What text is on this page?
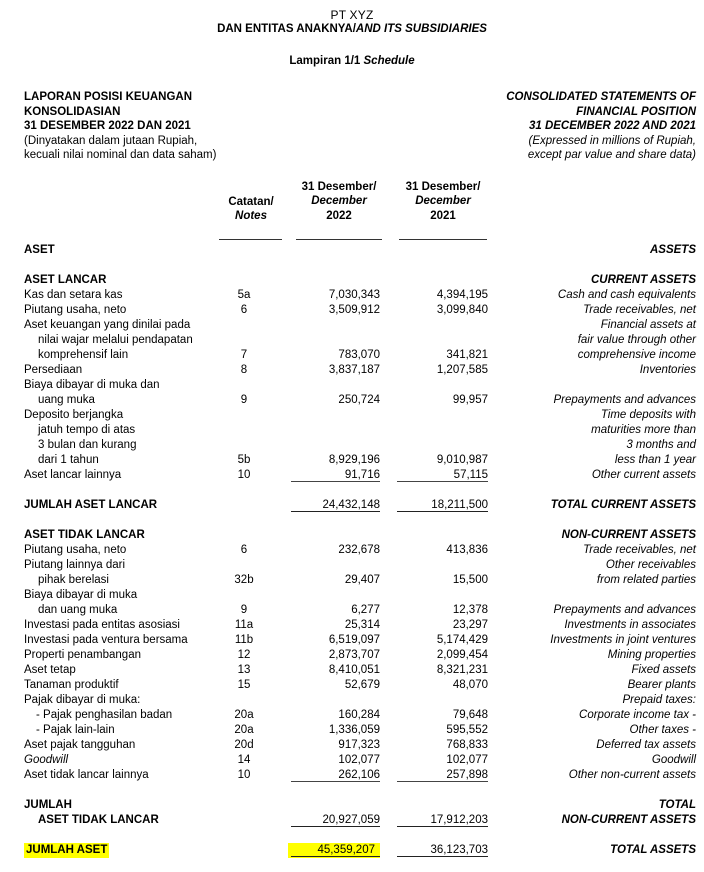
PT XYZ
DAN ENTITAS ANAKNYA/AND ITS SUBSIDIARIES
Lampiran 1/1 Schedule
LAPORAN POSISI KEUANGAN
KONSOLIDASIAN
31 DESEMBER 2022 DAN 2021
(Dinyatakan dalam jutaan Rupiah,
kecuali nilai nominal dan data saham)
CONSOLIDATED STATEMENTS OF
FINANCIAL POSITION
31 DECEMBER 2022 AND 2021
(Expressed in millions of Rupiah,
except par value and share data)
Catatan/
Notes
31 Desember/
December
2022
31 Desember/
December
2021
ASET	ASSETS
ASET LANCAR	CURRENT ASSETS
Kas dan setara kas	5a	7,030,343	4,394,195	Cash and cash equivalents
Piutang usaha, neto	6	3,509,912	3,099,840	Trade receivables, net
Aset keuangan yang dinilai pada	Financial assets at
nilai wajar melalui pendapatan	fair value through other
komprehensif lain	7	783,070	341,821	comprehensive income
Persediaan	8	3,837,187	1,207,585	Inventories
Biaya dibayar di muka dan
uang muka	9	250,724	99,957	Prepayments and advances
Deposito berjangka	Time deposits with
jatuh tempo di atas	maturities more than
3 bulan dan kurang	3 months and
dari 1 tahun	5b	8,929,196	9,010,987	less than 1 year
Aset lancar lainnya	10	91,716	57,115	Other current assets
JUMLAH ASET LANCAR	24,432,148	18,211,500	TOTAL CURRENT ASSETS
ASET TIDAK LANCAR	NON-CURRENT ASSETS
Piutang usaha, neto	6	232,678	413,836	Trade receivables, net
Piutang lainnya dari	Other receivables
pihak berelasi	32b	29,407	15,500	from related parties
Biaya dibayar di muka
dan uang muka	9	6,277	12,378	Prepayments and advances
Investasi pada entitas asosiasi	11a	25,314	23,297	Investments in associates
Investasi pada ventura bersama	11b	6,519,097	5,174,429	Investments in joint ventures
Properti penambangan	12	2,873,707	2,099,454	Mining properties
Aset tetap	13	8,410,051	8,321,231	Fixed assets
Tanaman produktif	15	52,679	48,070	Bearer plants
Pajak dibayar di muka:	Prepaid taxes:
- Pajak penghasilan badan	20a	160,284	79,648	Corporate income tax -
- Pajak lain-lain	20a	1,336,059	595,552	Other taxes -
Aset pajak tangguhan	20d	917,323	768,833	Deferred tax assets
Goodwill	14	102,077	102,077	Goodwill
Aset tidak lancar lainnya	10	262,106	257,898	Other non-current assets
JUMLAH	TOTAL
ASET TIDAK LANCAR	20,927,059	17,912,203	NON-CURRENT ASSETS
JUMLAH ASET	45,359,207	36,123,703	TOTAL ASSETS
